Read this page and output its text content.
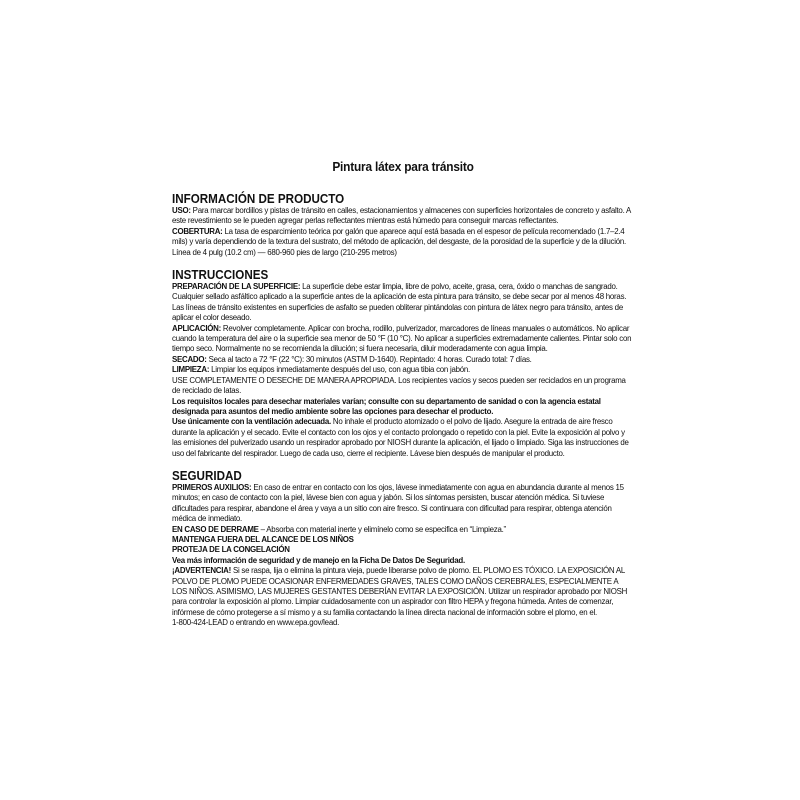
Pintura látex para tránsito
INFORMACIÓN DE PRODUCTO

USO: Para marcar bordillos y pistas de tránsito en calles, estacionamientos y almacenes con superficies horizontales de concreto y asfalto. A este revestimiento se le pueden agregar perlas reflectantes mientras está húmedo para conseguir marcas reflectantes.

COBERTURA: La tasa de esparcimiento teórica por galón que aparece aquí está basada en el espesor de película recomendado (1.7–2.4 mils) y varía dependiendo de la textura del sustrato, del método de aplicación, del desgaste, de la porosidad de la superficie y de la dilución.

Línea de 4 pulg (10.2 cm) — 680-960 pies de largo (210-295 metros)

INSTRUCCIONES

PREPARACIÓN DE LA SUPERFICIE: La superficie debe estar limpia, libre de polvo, aceite, grasa, cera, óxido o manchas de sangrado. Cualquier sellado asfáltico aplicado a la superficie antes de la aplicación de esta pintura para tránsito, se debe secar por al menos 48 horas. Las líneas de tránsito existentes en superficies de asfalto se pueden obliterar pintándolas con pintura de látex negro para tránsito, antes de aplicar el color deseado.

APLICACIÓN: Revolver completamente. Aplicar con brocha, rodillo, pulverizador, marcadores de líneas manuales o automáticos. No aplicar cuando la temperatura del aire o la superficie sea menor de 50 °F (10 °C). No aplicar a superficies extremadamente calientes. Pintar solo con tiempo seco. Normalmente no se recomienda la dilución; si fuera necesaria, diluir moderadamente con agua limpia.

SECADO: Seca al tacto a 72 °F (22 °C): 30 minutos (ASTM D-1640). Repintado: 4 horas. Curado total: 7 días.

LIMPIEZA: Limpiar los equipos inmediatamente después del uso, con agua tibia con jabón.

USE COMPLETAMENTE O DESECHE DE MANERA APROPIADA. Los recipientes vacíos y secos pueden ser reciclados en un programa de reciclado de latas.

Los requisitos locales para desechar materiales varían; consulte con su departamento de sanidad o con la agencia estatal designada para asuntos del medio ambiente sobre las opciones para desechar el producto.

Use únicamente con la ventilación adecuada. No inhale el producto atomizado o el polvo de lijado. Asegure la entrada de aire fresco durante la aplicación y el secado. Evite el contacto con los ojos y el contacto prolongado o repetido con la piel. Evite la exposición al polvo y las emisiones del pulverizado usando un respirador aprobado por NIOSH durante la aplicación, el lijado o limpiado. Siga las instrucciones de uso del fabricante del respirador. Luego de cada uso, cierre el recipiente. Lávese bien después de manipular el producto.

SEGURIDAD

PRIMEROS AUXILIOS: En caso de entrar en contacto con los ojos, lávese inmediatamente con agua en abundancia durante al menos 15 minutos; en caso de contacto con la piel, lávese bien con agua y jabón. Si los síntomas persisten, buscar atención médica. Si tuviese dificultades para respirar, abandone el área y vaya a un sitio con aire fresco. Si continuara con dificultad para respirar, obtenga atención médica de inmediato.

EN CASO DE DERRAME – Absorba con material inerte y elimínelo como se especifica en “Limpieza.”

MANTENGA FUERA DEL ALCANCE DE LOS NIÑOS

PROTEJA DE LA CONGELACIÓN

Vea más información de seguridad y de manejo en la Ficha De Datos De Seguridad.

¡ADVERTENCIA! Si se raspa, lija o elimina la pintura vieja, puede liberarse polvo de plomo. EL PLOMO ES TÓXICO. LA EXPOSICIÓN AL POLVO DE PLOMO PUEDE OCASIONAR ENFERMEDADES GRAVES, TALES COMO DAÑOS CEREBRALES, ESPECIALMENTE A LOS NIÑOS. ASIMISMO, LAS MUJERES GESTANTES DEBERÍAN EVITAR LA EXPOSICIÓN. Utilizar un respirador aprobado por NIOSH para controlar la exposición al plomo. Limpiar cuidadosamente con un aspirador con filtro HEPA y fregona húmeda. Antes de comenzar, infórmese de cómo protegerse a sí mismo y a su familia contactando la línea directa nacional de información sobre el plomo, en el.

1-800-424-LEAD o entrando en www.epa.gov/lead.
